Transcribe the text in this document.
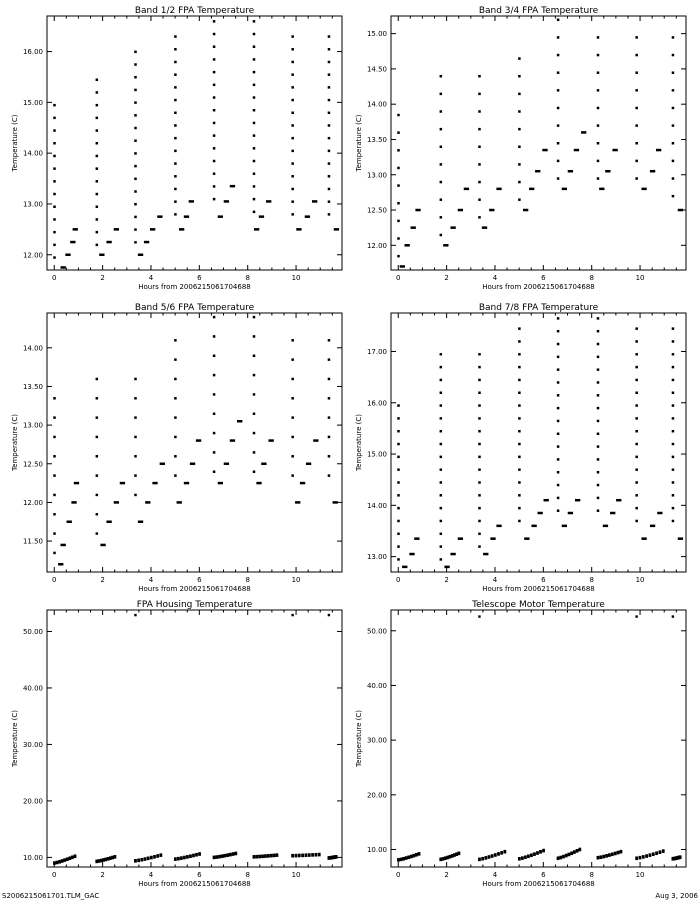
S2006215061701.TLM_GAC	Aug 3, 2006
Band 1/2 FPA Temperature
Hours from 2006215061704688
Temperature (C)
0	2	4	6	8	10
12.00
13.00
14.00
15.00
16.00
Band 3/4 FPA Temperature
Hours from 2006215061704688
Temperature (C)
0	2	4	6	8	10
12.00
12.50
13.00
13.50
14.00
14.50
15.00
Band 5/6 FPA Temperature
Hours from 2006215061704688
Temperature (C)
0	2	4	6	8	10
11.50
12.00
12.50
13.00
13.50
14.00
Band 7/8 FPA Temperature
Hours from 2006215061704688
Temperature (C)
0	2	4	6	8	10
13.00
14.00
15.00
16.00
17.00
FPA Housing Temperature
Hours from 2006215061704688
Temperature (C)
0	2	4	6	8	10
10.00
20.00
30.00
40.00
50.00
Telescope Motor Temperature
Hours from 2006215061704688
Temperature (C)
0	2	4	6	8	10
10.00
20.00
30.00
40.00
50.00
